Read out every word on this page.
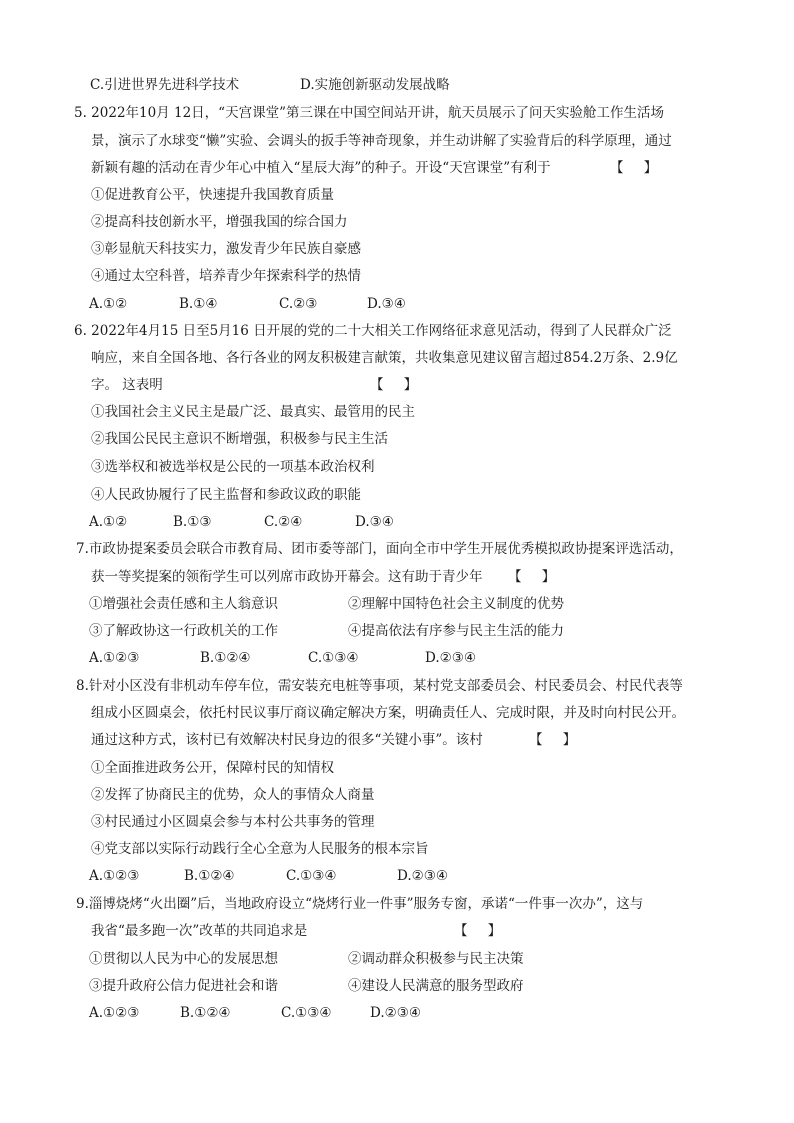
C.引进世界先进科学技术	D.实施创新驱动发展战略
5. 2022年10月 12日，“天宫课堂”第三课在中国空间站开讲，航天员展示了问天实验舱工作生活场
景，演示了水球变“懒”实验、会调头的扳手等神奇现象，并生动讲解了实验背后的科学原理，通过
新颖有趣的活动在青少年心中植入“星辰大海”的种子。开设“天宫课堂”有利于	【 】
①促进教育公平，快速提升我国教育质量
②提高科技创新水平，增强我国的综合国力
③彰显航天科技实力，激发青少年民族自豪感
④通过太空科普，培养青少年探索科学的热情
A.①②	B.①④	C.②③	D.③④
6. 2022年4月15 日至5月16 日开展的党的二十大相关工作网络征求意见活动，得到了人民群众广泛
响应，来自全国各地、各行各业的网友积极建言献策，共收集意见建议留言超过854.2万条、2.9亿
字。 这表明	【 】
①我国社会主义民主是最广泛、最真实、最管用的民主
②我国公民民主意识不断增强，积极参与民主生活
③选举权和被选举权是公民的一项基本政治权利
④人民政协履行了民主监督和参政议政的职能
A.①②	B.①③	C.②④	D.③④
7.市政协提案委员会联合市教育局、团市委等部门，面向全市中学生开展优秀模拟政协提案评选活动，
获一等奖提案的领衔学生可以列席市政协开幕会。这有助于青少年 【 】
①增强社会责任感和主人翁意识	②理解中国特色社会主义制度的优势
③了解政协这一行政机关的工作	④提高依法有序参与民主生活的能力
A.①②③	B.①②④	C.①③④	D.②③④
8.针对小区没有非机动车停车位，需安装充电桩等事项，某村党支部委员会、村民委员会、村民代表等
组成小区圆桌会，依托村民议事厅商议确定解决方案，明确责任人、完成时限，并及时向村民公开。
通过这种方式，该村已有效解决村民身边的很多“关键小事”。该村	【 】
①全面推进政务公开，保障村民的知情权
②发挥了协商民主的优势，众人的事情众人商量
③村民通过小区圆桌会参与本村公共事务的管理
④党支部以实际行动践行全心全意为人民服务的根本宗旨
A.①②③	B.①②④	C.①③④	D.②③④
9.淄博烧烤“火出圈”后，当地政府设立“烧烤行业一件事”服务专窗，承诺“一件事一次办”，这与
我省“最多跑一次”改革的共同追求是	【 】
①贯彻以人民为中心的发展思想	②调动群众积极参与民主决策
③提升政府公信力促进社会和谐	④建设人民满意的服务型政府
A.①②③	B.①②④	C.①③④	D.②③④
